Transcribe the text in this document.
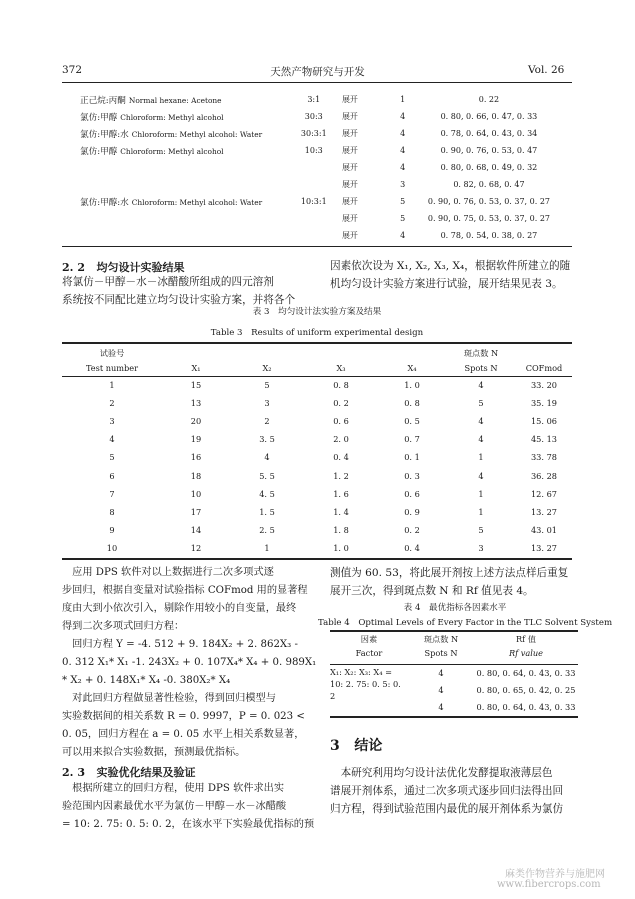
372	天然产物研究与开发	Vol. 26
正己烷:丙酮 Normal hexane: Acetone	3:1	展开	1	0. 22
氯仿:甲醇 Chloroform: Methyl alcohol	30:3	展开	4	0. 80, 0. 66, 0. 47, 0. 33
氯仿:甲醇:水 Chloroform: Methyl alcohol: Water	30:3:1	展开	4	0. 78, 0. 64, 0. 43, 0. 34
氯仿:甲醇 Chloroform: Methyl alcohol	10:3	展开	4	0. 90, 0. 76, 0. 53, 0. 47
		展开	4	0. 80, 0. 68, 0. 49, 0. 32
		展开	3	0. 82, 0. 68, 0. 47
氯仿:甲醇:水 Chloroform: Methyl alcohol: Water	10:3:1	展开	5	0. 90, 0. 76, 0. 53, 0. 37, 0. 27
		展开	5	0. 90, 0. 75, 0. 53, 0. 37, 0. 27
		展开	4	0. 78, 0. 54, 0. 38, 0. 27
2. 2 均匀设计实验结果
将氯仿－甲醇－水－冰醋酸所组成的四元溶剂
系统按不同配比建立均匀设计实验方案，并将各个
因素依次设为 X₁, X₂, X₃, X₄，根据软件所建立的随
机均匀设计实验方案进行试验，展开结果见表 3。
表 3　均匀设计法实验方案及结果
Table 3　Results of uniform experimental design
试验号					斑点数 N	
Test number	X₁	X₂	X₃	X₄	Spots N	COFmod
1	15	5	0. 8	1. 0	4	33. 20
2	13	3	0. 2	0. 8	5	35. 19
3	20	2	0. 6	0. 5	4	15. 06
4	19	3. 5	2. 0	0. 7	4	45. 13
5	16	4	0. 4	0. 1	1	33. 78
6	18	5. 5	1. 2	0. 3	4	36. 28
7	10	4. 5	1. 6	0. 6	1	12. 67
8	17	1. 5	1. 4	0. 9	1	13. 27
9	14	2. 5	1. 8	0. 2	5	43. 01
10	12	1	1. 0	0. 4	3	13. 27
　应用 DPS 软件对以上数据进行二次多项式逐
步回归，根据自变量对试验指标 COFmod 用的显著程
度由大到小依次引入，剔除作用较小的自变量，最终
得到二次多项式回归方程：
　回归方程 Y = -4. 512 + 9. 184X₂ + 2. 862X₃ -
0. 312 X₁* X₁ -1. 243X₂ + 0. 107X₄* X₄ + 0. 989X₁
* X₂ + 0. 148X₁* X₄ -0. 380X₂* X₄
　对此回归方程做显著性检验，得到回归模型与
实验数据间的相关系数 R = 0. 9997，P = 0. 023 <
0. 05，回归方程在 a = 0. 05 水平上相关系数显著，
可以用来拟合实验数据，预测最优指标。
2. 3 实验优化结果及验证
　根据所建立的回归方程，使用 DPS 软件求出实
验范围内因素最优水平为氯仿－甲醇－水－冰醋酸
= 10: 2. 75: 0. 5: 0. 2，在该水平下实验最优指标的预
测值为 60. 53，将此展开剂按上述方法点样后重复
展开三次，得到斑点数 N 和 Rf 值见表 4。
表 4　最优指标各因素水平
Table 4　Optimal Levels of Every Factor in the TLC Solvent System
因素	斑点数 N	Rf 值
Factor	Spots N	Rf value
X₁: X₂: X₃: X₄ =
10: 2. 75: 0. 5: 0. 2
4	0. 80, 0. 64, 0. 43, 0. 33
4	0. 80, 0. 65, 0. 42, 0. 25
4	0. 80, 0. 64, 0. 43, 0. 33
3 结论
　本研究利用均匀设计法优化发酵提取液薄层色
谱展开剂体系，通过二次多项式逐步回归法得出回
归方程，得到试验范围内最优的展开剂体系为氯仿
麻类作物营养与施肥网
www.fibercrops.com
